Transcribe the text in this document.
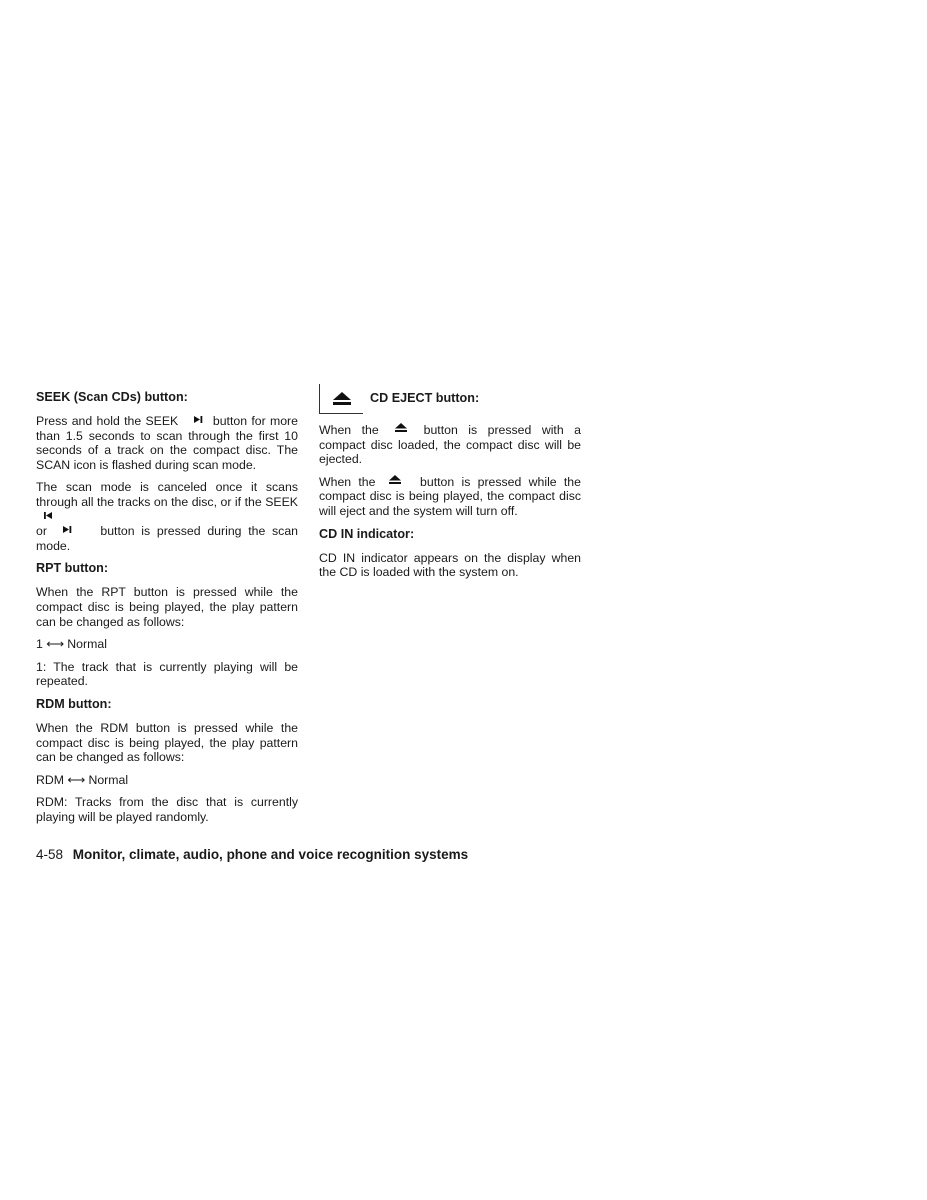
SEEK (Scan CDs) button:

Press and hold the SEEK	button for more than 1.5 seconds to scan through the first 10 seconds of a track on the compact disc. The SCAN icon is flashed during scan mode.

The scan mode is canceled once it scans through all the tracks on the disc, or if the SEEK

or	button is pressed during the scan mode.

RPT button:

When the RPT button is pressed while the compact disc is being played, the play pattern can be changed as follows:

1 ⟷ Normal

1: The track that is currently playing will be repeated.

RDM button:

When the RDM button is pressed while the compact disc is being played, the play pattern can be changed as follows:

RDM ⟷ Normal

RDM: Tracks from the disc that is currently playing will be played randomly.

CD EJECT button:

When the	button is pressed with a compact disc loaded, the compact disc will be ejected.

When the	button is pressed while the compact disc is being played, the compact disc will eject and the system will turn off.

CD IN indicator:

CD IN indicator appears on the display when the CD is loaded with the system on.

4-58 Monitor, climate, audio, phone and voice recognition systems
